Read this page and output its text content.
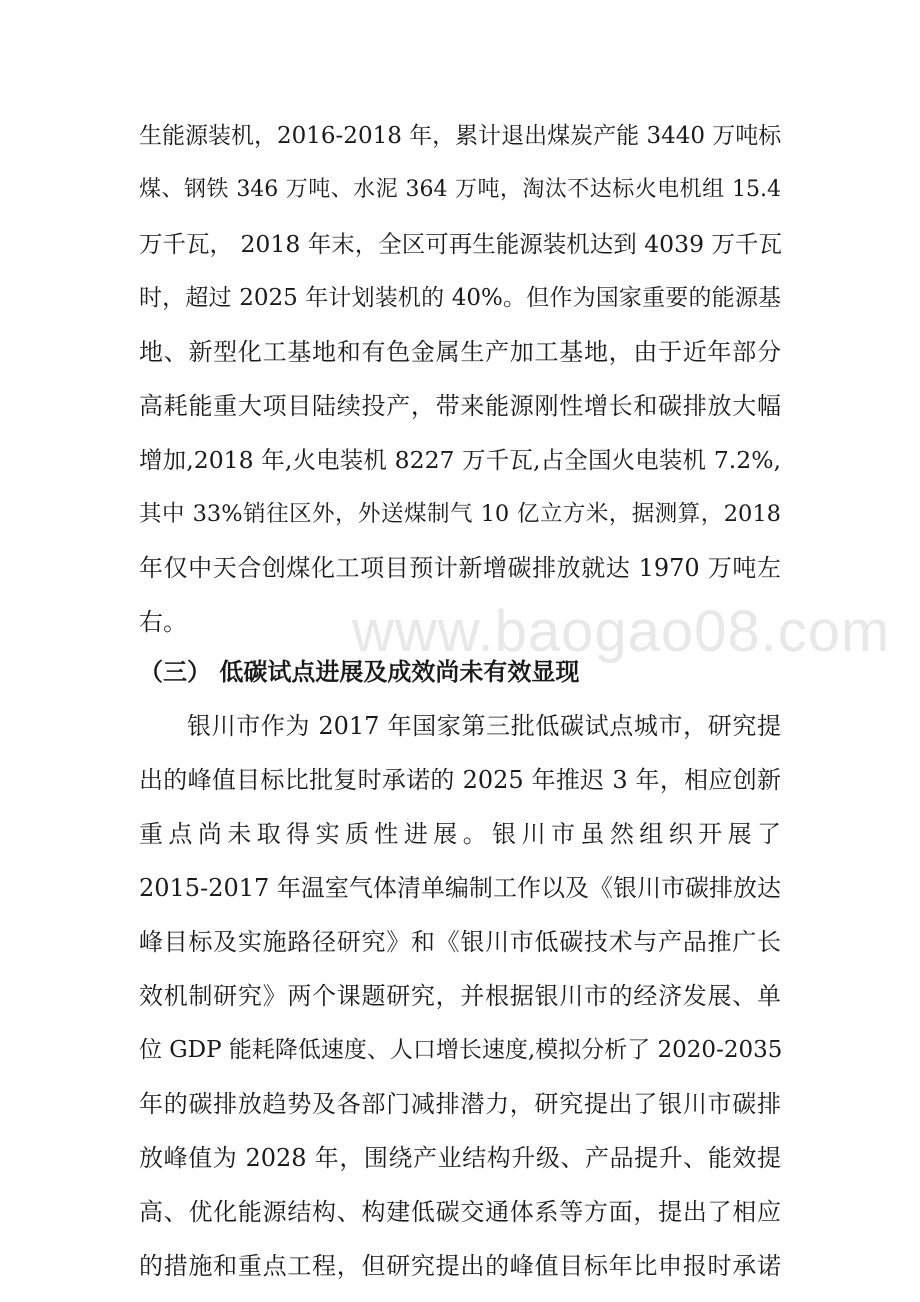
www.baogao08.com
生能源装机，2016-2018 年，累计退出煤炭产能 3440 万吨标
煤、钢铁 346 万吨、水泥 364 万吨，淘汰不达标火电机组 15.4
万千瓦， 2018 年末，全区可再生能源装机达到 4039 万千瓦
时，超过 2025 年计划装机的 40%。但作为国家重要的能源基
地、新型化工基地和有色金属生产加工基地，由于近年部分
高耗能重大项目陆续投产，带来能源刚性增长和碳排放大幅
增加,2018 年,火电装机 8227 万千瓦,占全国火电装机 7.2%,
其中 33%销往区外，外送煤制气 10 亿立方米，据测算，2018
年仅中天合创煤化工项目预计新增碳排放就达 1970 万吨左
右。
（三） 低碳试点进展及成效尚未有效显现
银川市作为 2017 年国家第三批低碳试点城市，研究提
出的峰值目标比批复时承诺的 2025 年推迟 3 年，相应创新
重点尚未取得实质性进展。银川市虽然组织开展了
2015-2017 年温室气体清单编制工作以及《银川市碳排放达
峰目标及实施路径研究》和《银川市低碳技术与产品推广长
效机制研究》两个课题研究，并根据银川市的经济发展、单
位 GDP 能耗降低速度、人口增长速度,模拟分析了 2020-2035
年的碳排放趋势及各部门减排潜力，研究提出了银川市碳排
放峰值为 2028 年，围绕产业结构升级、产品提升、能效提
高、优化能源结构、构建低碳交通体系等方面，提出了相应
的措施和重点工程，但研究提出的峰值目标年比申报时承诺
